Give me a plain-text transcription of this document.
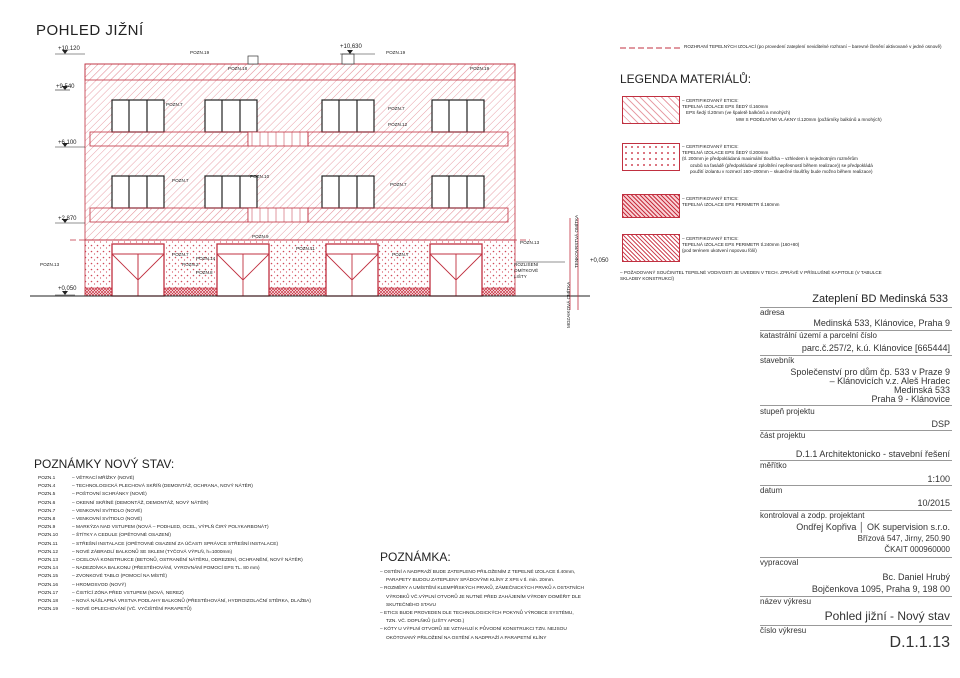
POHLED JIŽNÍ
+10,120	+10,630
+9,540
+6,100
+2,870
+0,050
+0,050
POZN.18
POZN.19	POZN.19
POZN.19
POZN.7
POZN.7
POZN.12
POZN.7
POZN.7
POZN.10
POZN.9
POZN.11
POZN.13
POZN.7
POZN.8
POZN.14
POZN.3
POZN.7
POZN.13
ROZLIŠENÍ OMÍTKOVÉ LIŠTY
TENKOVRSTVÁ OMÍTKA
MOZAIKOVÁ OMÍTKA
ROZHRANÍ TEPELNÝCH IZOLACÍ (po provedení zateplení neviditelné rozhraní – barevné členění aktivované v jedné osnově)
LEGENDA MATERIÁLŮ:
– CERTIFIKOVANÝ ETICS:
TEPELNÁ IZOLACE EPS ŠEDÝ tl.160mm
EPS šedý tl.20mm (ve špaletě balkónů a mnohých)
MW S PODÉLNÝMI VLÁKNY tl.120mm (požárníky balkónů a mnohých)
– CERTIFIKOVANÝ ETICS:
TEPELNÁ IZOLACE EPS ŠEDÝ tl.200mm
(tl. 200mm je předpokládaná maximální tloušťka – vzhledem k nejednotným rozměrům
ozubů na fasádě (předpokládané zploštění nepřesností během realizace)) se předpokládá
použití izolantu v rozmezí 160–200mm – skutečné tloušťky bude možno během realizace)
– CERTIFIKOVANÝ ETICS:
TEPELNÁ IZOLACE EPS PERIMETR tl.160mm
– CERTIFIKOVANÝ ETICS:
TEPELNÁ IZOLACE EPS PERIMETR tl.240mm (160+80)
(pod terénem ukotvení nopovou fólií)
– POŽADOVANÝ SOUČINITEL TEPELNÉ VODIVOSTI JE UVEDEN V TECH. ZPRÁVĚ V PŘÍSLUŠNÉ KAPITOLE (V TABULCE SKLADBY KONSTRUKCÍ)
Zateplení BD Medinská 533
adresa
Medinská 533, Klánovice, Praha 9
katastrální území a parcelní číslo
parc.č.257/2, k.ú. Klánovice [665444]
stavebník
Společenství pro dům čp. 533 v Praze 9
– Klánovicích v.z. Aleš Hradec
Medinská 533
Praha 9 - Klánovice
stupeň projektu
DSP
část projektu
D.1.1 Architektonicko - stavební řešení
měřítko
1:100
datum
10/2015
kontroloval a zodp. projektant
Ondřej Kopřiva │ OK supervision s.r.o.
Břízová 547, Jirny, 250.90
ČKAIT 000960000
vypracoval
Bc. Daniel Hrubý
Bojčenkova 1095, Praha 9, 198 00
název výkresu
Pohled jižní - Nový stav
číslo výkresu
D.1.1.13
POZNÁMKY NOVÝ STAV:
POZN.1	– VĚTRACÍ MŘÍŽKY (NOVÉ)
POZN.4	– TECHNOLOGICKÁ PLECHOVÁ SKŘÍŇ (DEMONTÁŽ, OCHRANA, NOVÝ NÁTĚR)
POZN.5	– POŠTOVNÍ SCHRÁNKY (NOVÉ)
POZN.6	– OKENNÍ SKŘÍNĚ (DEMONTÁŽ, DEMONTÁŽ, NOVÝ NÁTĚR)
POZN.7	– VENKOVNÍ SVÍTIDLO (NOVÉ)
POZN.8	– VENKOVNÍ SVÍTIDLO (NOVÉ)
POZN.9	– MARKÝZA NAD VSTUPEM (NOVÁ – PODHLED, OCEL, VÝPLŇ ČIRÝ POLYKARBONÁT)
POZN.10	– ŠTÍTKY A CEDULE (OPĚTOVNÉ OSAZENÍ)
POZN.11	– STŘEŠNÍ INSTALACE (OPĚTOVNÉ OSAZENÍ ZA ÚČASTI SPRÁVCE STŘEŠNÍ INSTALACE)
POZN.12	– NOVÉ ZÁBRADLÍ BALKONŮ SE SKLEM (TYČOVÁ VÝPLŇ, h=1000mm)
POZN.13	– OCELOVÁ KONSTRUKCE (BETONŮ, OSTRANĚNÍ NÁTĚRU, ODREZENÍ, OCHRANĚNÍ, NOVÝ NÁTĚR)
POZN.14	– NADEZDÍVKA BALKONU (PŘESTĚHOVÁNÍ, VYROVNÁNÍ POMOCÍ EPS TL. 80 mm)
POZN.15	– ZVONKOVÉ TABLO (POMOCÍ NA MÍSTĚ)
POZN.16	– HROMOSVOD (NOVÝ)
POZN.17	– ČISTÍCÍ ZÓNA PŘED VSTUPEM (NOVÁ, NEREZ)
POZN.18	– NOVÁ NÁŠLAPNÁ VRSTVA PODLAHY BALKONŮ (PŘESTĚHOVÁNÍ, HYDROIZOLAČNÍ STĚRKA, DLAŽBA)
POZN.19	– NOVÉ OPLECHOVÁNÍ (VČ. VYČIŠTĚNÍ PARAPETŮ)
POZNÁMKA:
– OSTĚNÍ A NADPRAŽÍ BUDE ZATEPLENO PŘILOŽENÍM Z TEPELNÉ IZOLACE tl.40mm,
PARAPETY BUDOU ZATEPLENY SPÁDOVÝMI KLÍNY Z XPS v tl. min. 20mm.
– ROZMĚRY A UMÍSTĚNÍ KLEMPÍŘSKÝCH PRVKŮ, ZÁMEČNICKÝCH PRVKŮ A OSTATNÍCH
VÝROBKŮ VČ.VÝPLNÍ OTVORŮ JE NUTNÉ PŘED ZAHÁJENÍM VÝROBY DOMĚŘIT DLE
SKUTEČNÉHO STAVU
– ETICS BUDE PROVEDEN DLE TECHNOLOGICKÝCH POKYNŮ VÝROBCE SYSTÉMU,
TZN. VČ. DOPLŇKŮ (LIŠTY APOD.)
– KÓTY U VÝPLNÍ OTVORŮ SE VZTAHUJÍ K PŮVODNÍ KONSTRUKCI TZN. NEJSOU
OKÓTOVANÝ PŘILOŽENÍ NA OSTĚNÍ A NADPRAŽÍ A PARAPETNÍ KLÍNY
